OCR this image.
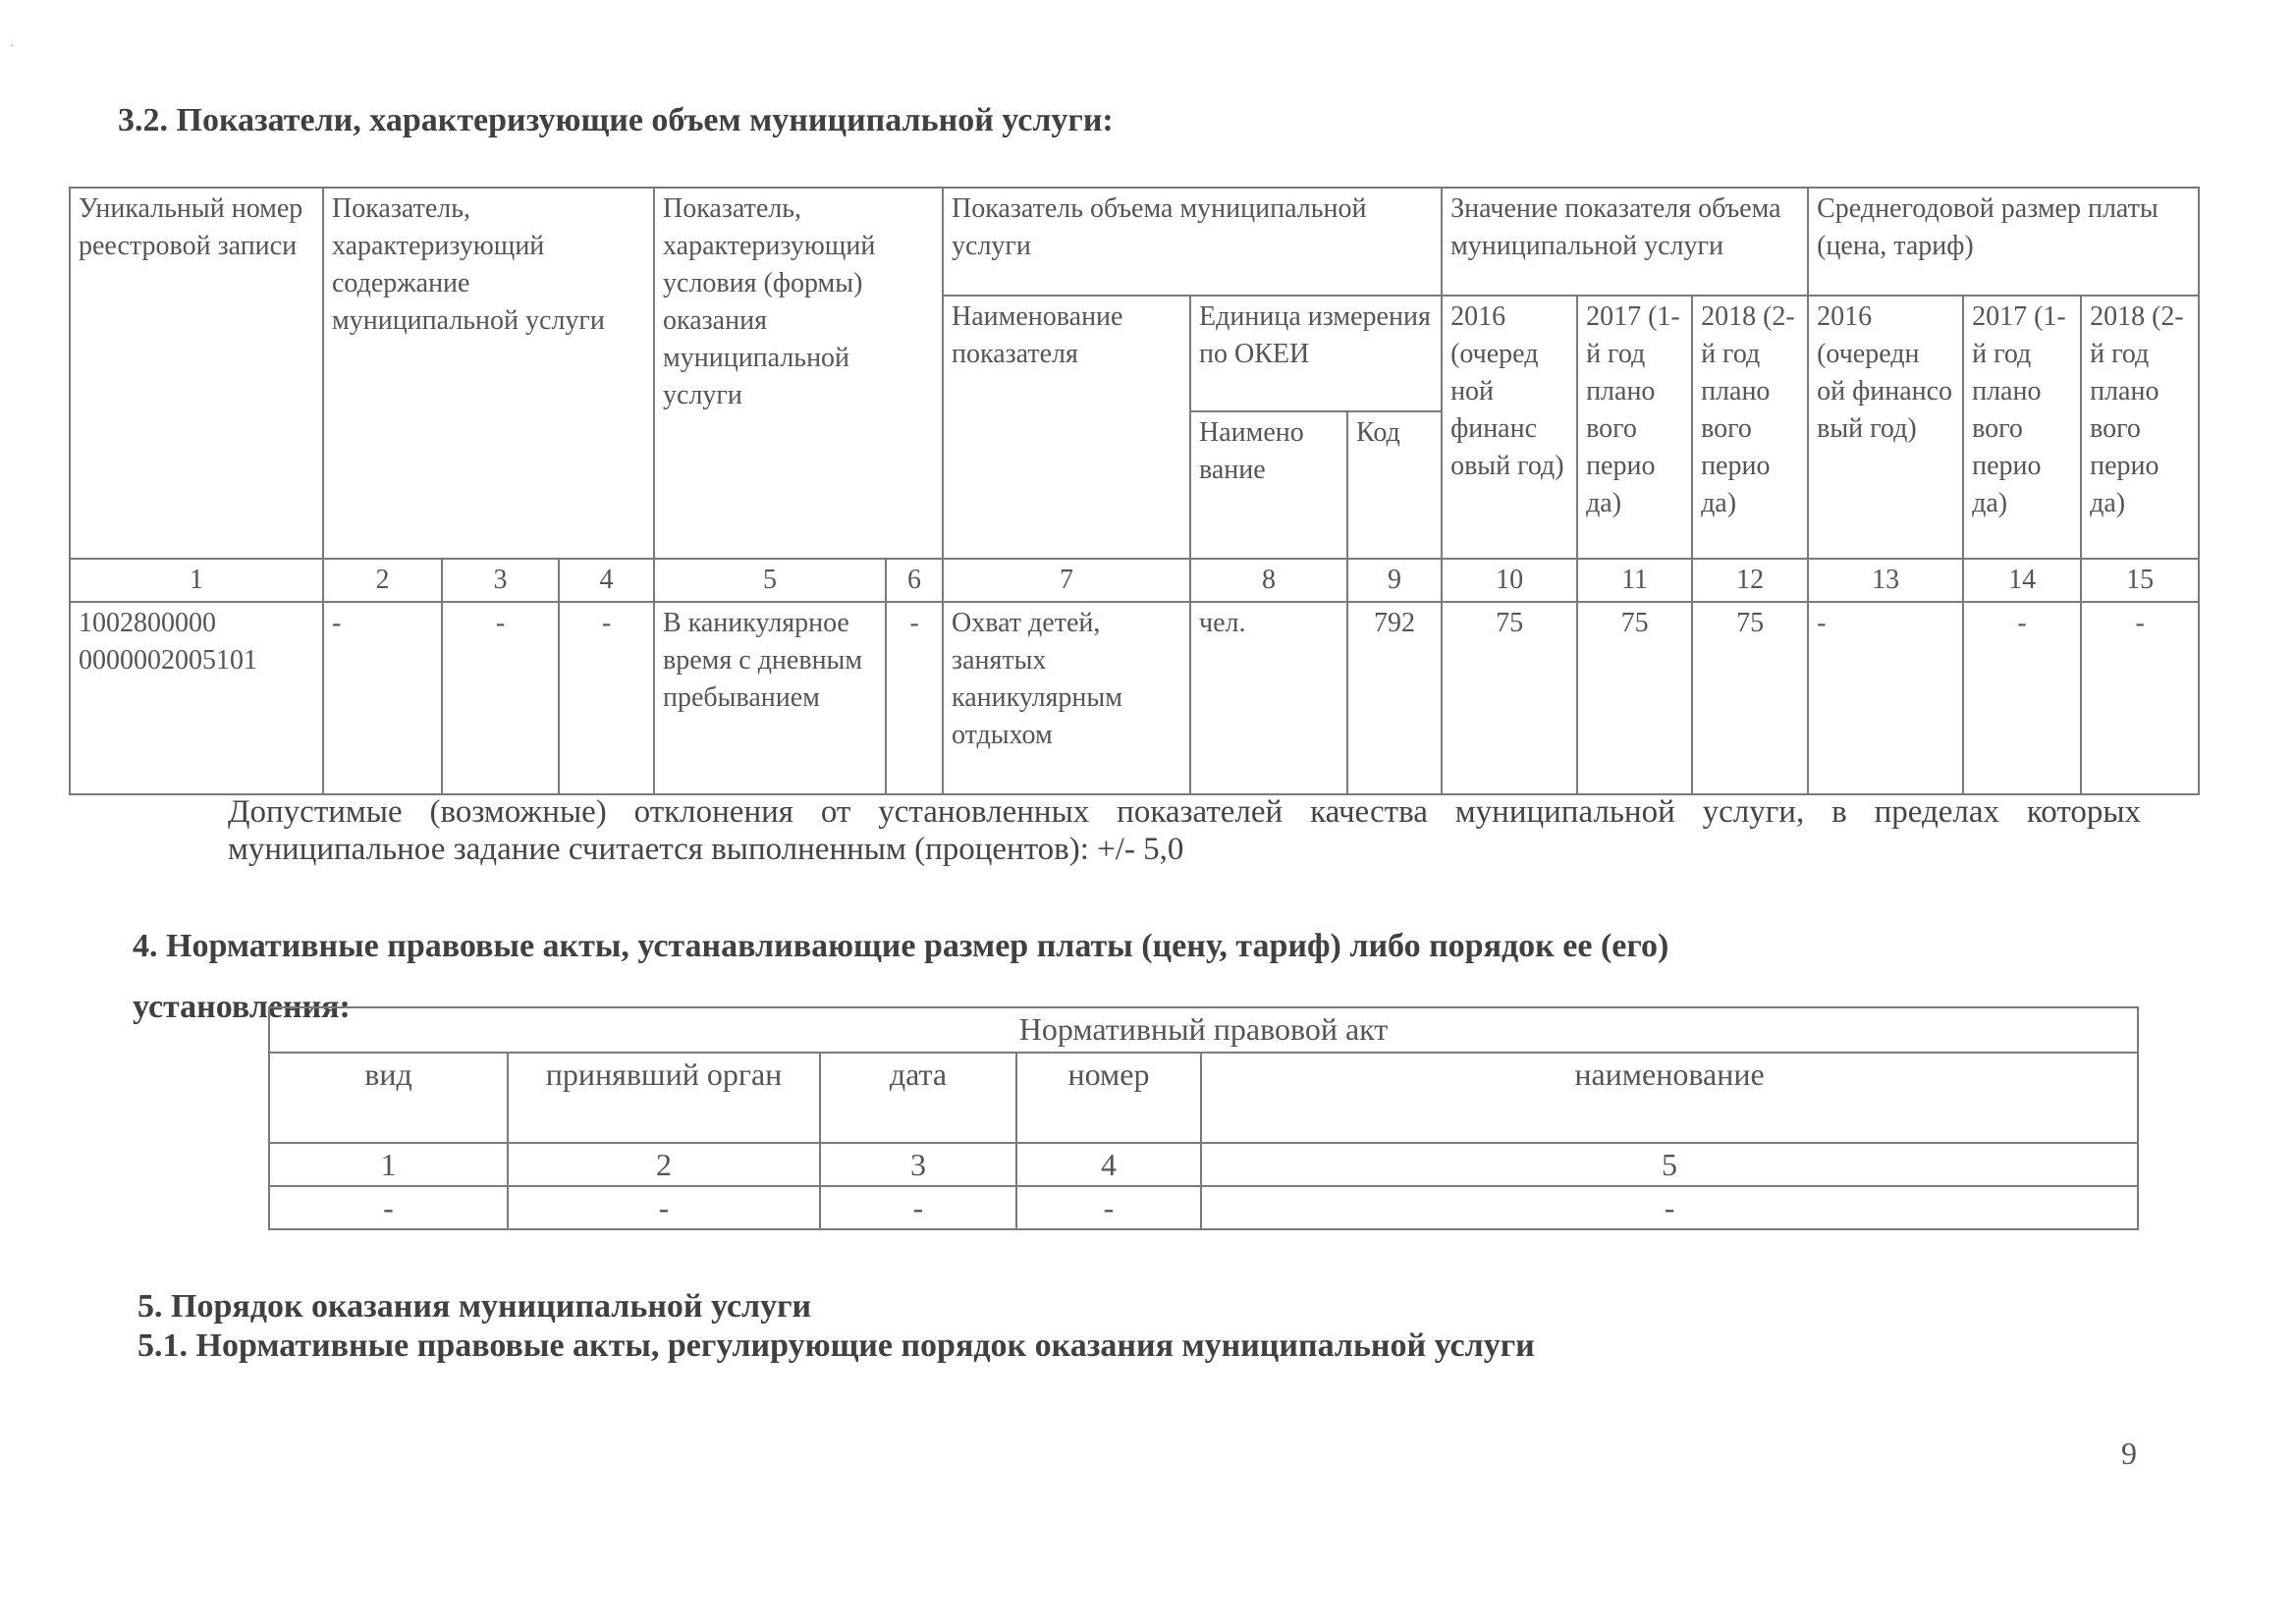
·
3.2. Показатели, характеризующие объем муниципальной услуги:
Уникальный номер реестровой записи	Показатель, характеризующий содержание муниципальной услуги			Показатель, характеризующий условия (формы) оказания муниципальной услуги		Показатель объема муниципальной услуги			Значение показателя объема муниципальной услуги			Среднегодовой размер платы (цена, тариф)		
						Наименование показателя	Единица измерения по ОКЕИ		2016 (очеред ной финанс овый год)	2017 (1-й год плано вого перио да)	2018 (2-й год плано вого перио да)	2016 (очередн ой финансо вый год)	2017 (1-й год плано вого перио да)	2018 (2-й год плано вого перио да)
							Наимено вание	Код						
1	2	3	4	5	6	7	8	9	10	11	12	13	14	15
1002800000 0000002005101	-	-	-	В каникулярное время с дневным пребыванием	-	Охват детей, занятых каникулярным отдыхом	чел.	792	75	75	75	-	-	-
Допустимые (возможные) отклонения от установленных показателей качества муниципальной услуги, в пределах которых муниципальное задание считается выполненным (процентов): +/- 5,0
4. Нормативные правовые акты, устанавливающие размер платы (цену, тариф) либо порядок ее (его)
установления:
Нормативный правовой акт				
вид	принявший орган	дата	номер	наименование
1	2	3	4	5
-	-	-	-	-
5. Порядок оказания муниципальной услуги
5.1. Нормативные правовые акты, регулирующие порядок оказания муниципальной услуги
9
